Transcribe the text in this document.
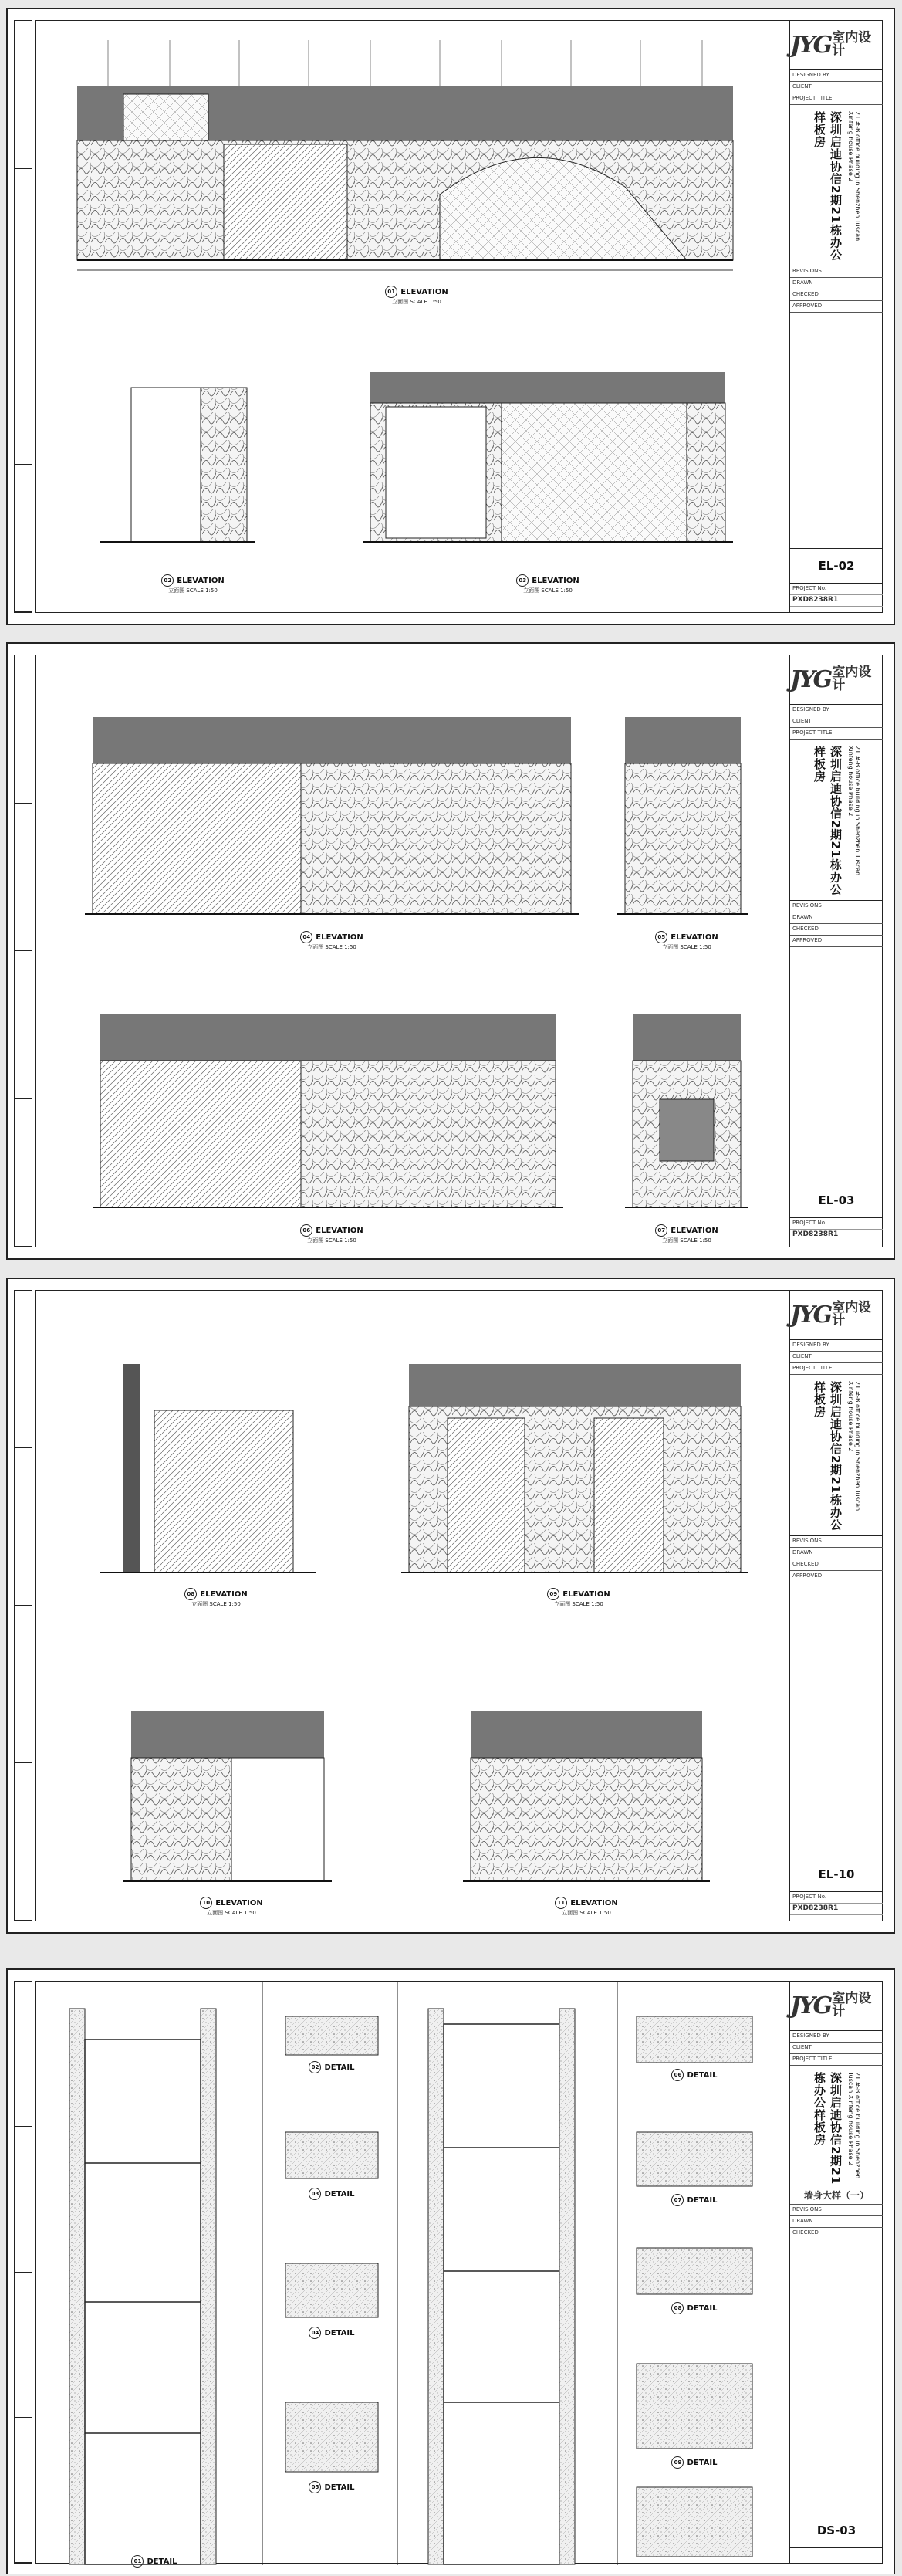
01 ELEVATION
立面图 SCALE 1:50
02 ELEVATION
立面图 SCALE 1:50
03 ELEVATION
立面图 SCALE 1:50
JYG 室内设计
DESIGNED BY
CLIENT
PROJECT TITLE
深圳启迪协信2期21栋办公样板房	21 #-B office building in Shenzhen Tuscan Xinfeng house Phase 2
REVISIONS
DRAWN
CHECKED
APPROVED
EL-02
PROJECT No.
PXD8238R1
04 ELEVATION
立面图 SCALE 1:50
05 ELEVATION
立面图 SCALE 1:50
06 ELEVATION
立面图 SCALE 1:50
07 ELEVATION
立面图 SCALE 1:50
JYG 室内设计
DESIGNED BY
CLIENT
PROJECT TITLE
深圳启迪协信2期21栋办公样板房	21 #-B office building in Shenzhen Tuscan Xinfeng house Phase 2
REVISIONS
DRAWN
CHECKED
APPROVED
EL-03
PROJECT No.
PXD8238R1
08 ELEVATION
立面图 SCALE 1:50
09 ELEVATION
立面图 SCALE 1:50
10 ELEVATION
立面图 SCALE 1:50
11 ELEVATION
立面图 SCALE 1:50
JYG 室内设计
DESIGNED BY
CLIENT
PROJECT TITLE
深圳启迪协信2期21栋办公样板房	21 #-B office building in Shenzhen Tuscan Xinfeng house Phase 2
REVISIONS
DRAWN
CHECKED
APPROVED
EL-10
PROJECT No.
PXD8238R1
01 DETAIL
02 DETAIL
03 DETAIL
04 DETAIL
05 DETAIL
06 DETAIL
07 DETAIL
08 DETAIL
09 DETAIL
JYG 室内设计
DESIGNED BY
CLIENT
PROJECT TITLE
深圳启迪协信2期21栋办公样板房	21 #-B office building in Shenzhen Tuscan Xinfeng house Phase 2
墙身大样（一）
REVISIONS
DRAWN
CHECKED
DS-03
